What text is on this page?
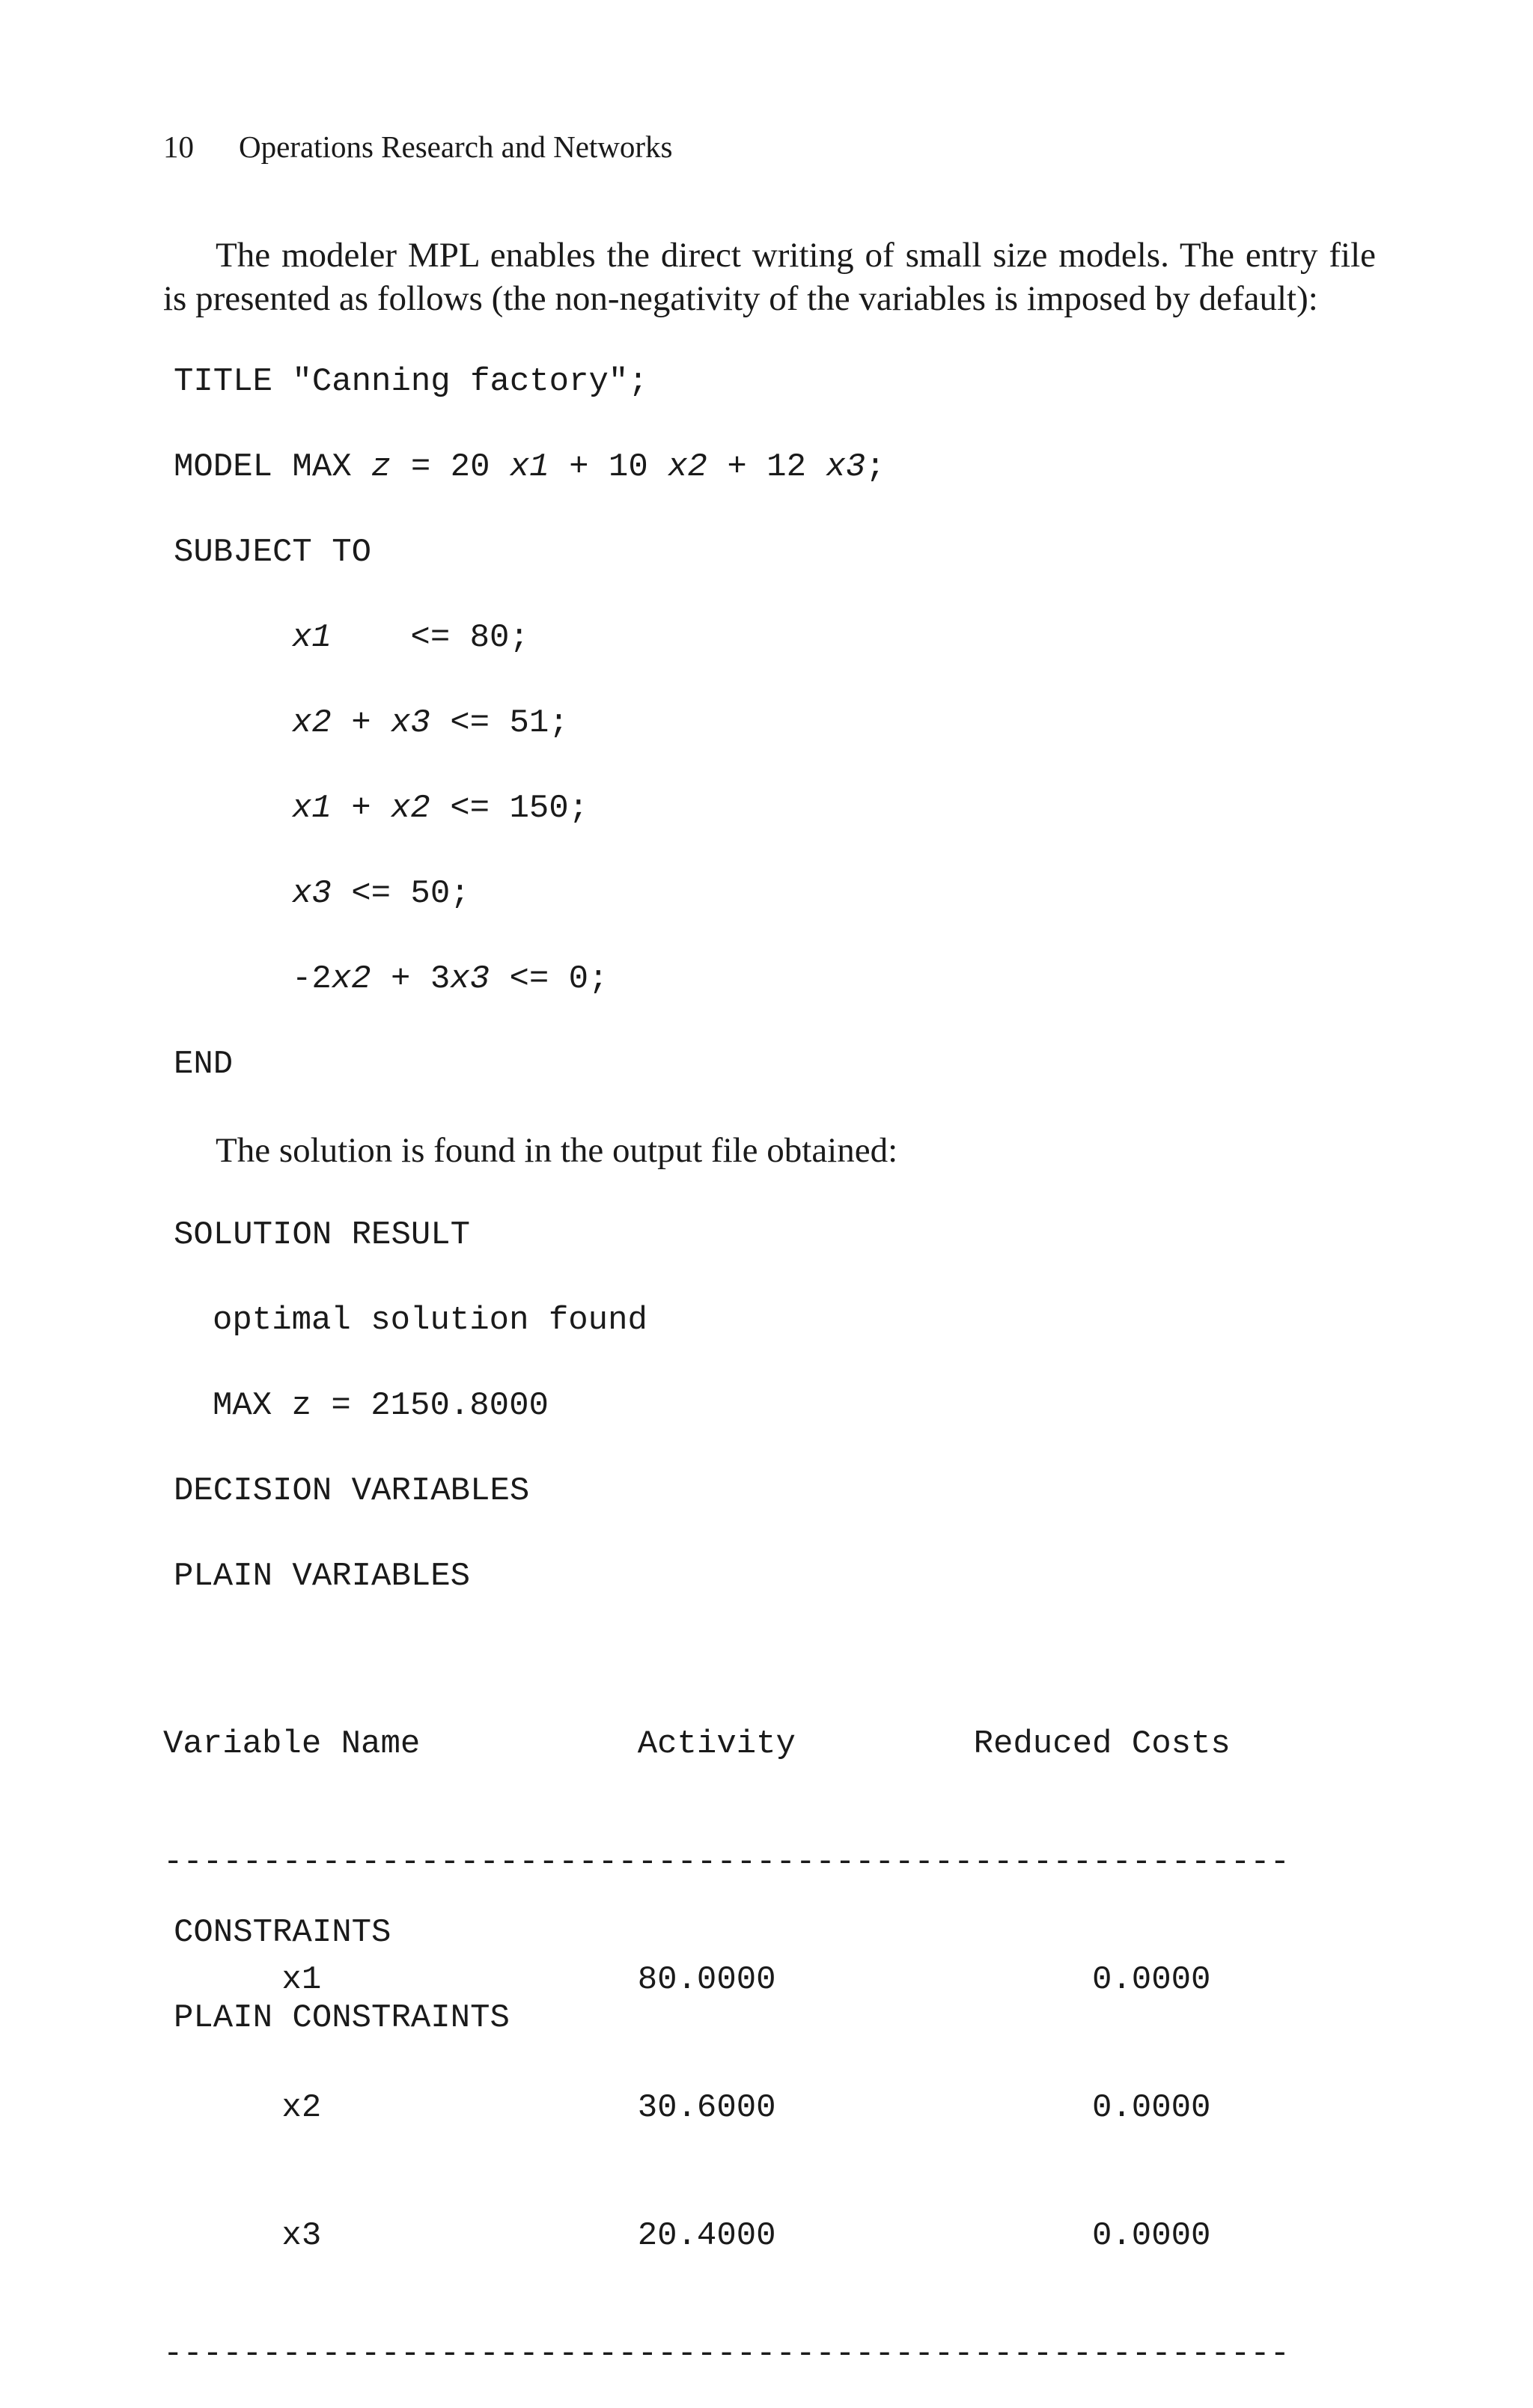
10 Operations Research and Networks

The modeler MPL enables the direct writing of small size models. The entry file is presented as follows (the non-negativity of the variables is imposed by default):

TITLE "Canning factory";
MODEL MAX z = 20 x1 + 10 x2 + 12 x3;
SUBJECT TO
x1    <= 80;
x2 + x3 <= 51;
x1 + x2 <= 150;
x3 <= 50;
-2x2 + 3x3 <= 0;
END

The solution is found in the output file obtained:

SOLUTION RESULT
optimal solution found
MAX z = 2150.8000
DECISION VARIABLES
PLAIN VARIABLES

Variable Name           Activity         Reduced Costs

---------------------------------------------------------

x1                80.0000                0.0000

x2                30.6000                0.0000

x3                20.4000                0.0000

---------------------------------------------------------

CONSTRAINTS
PLAIN CONSTRAINTS
